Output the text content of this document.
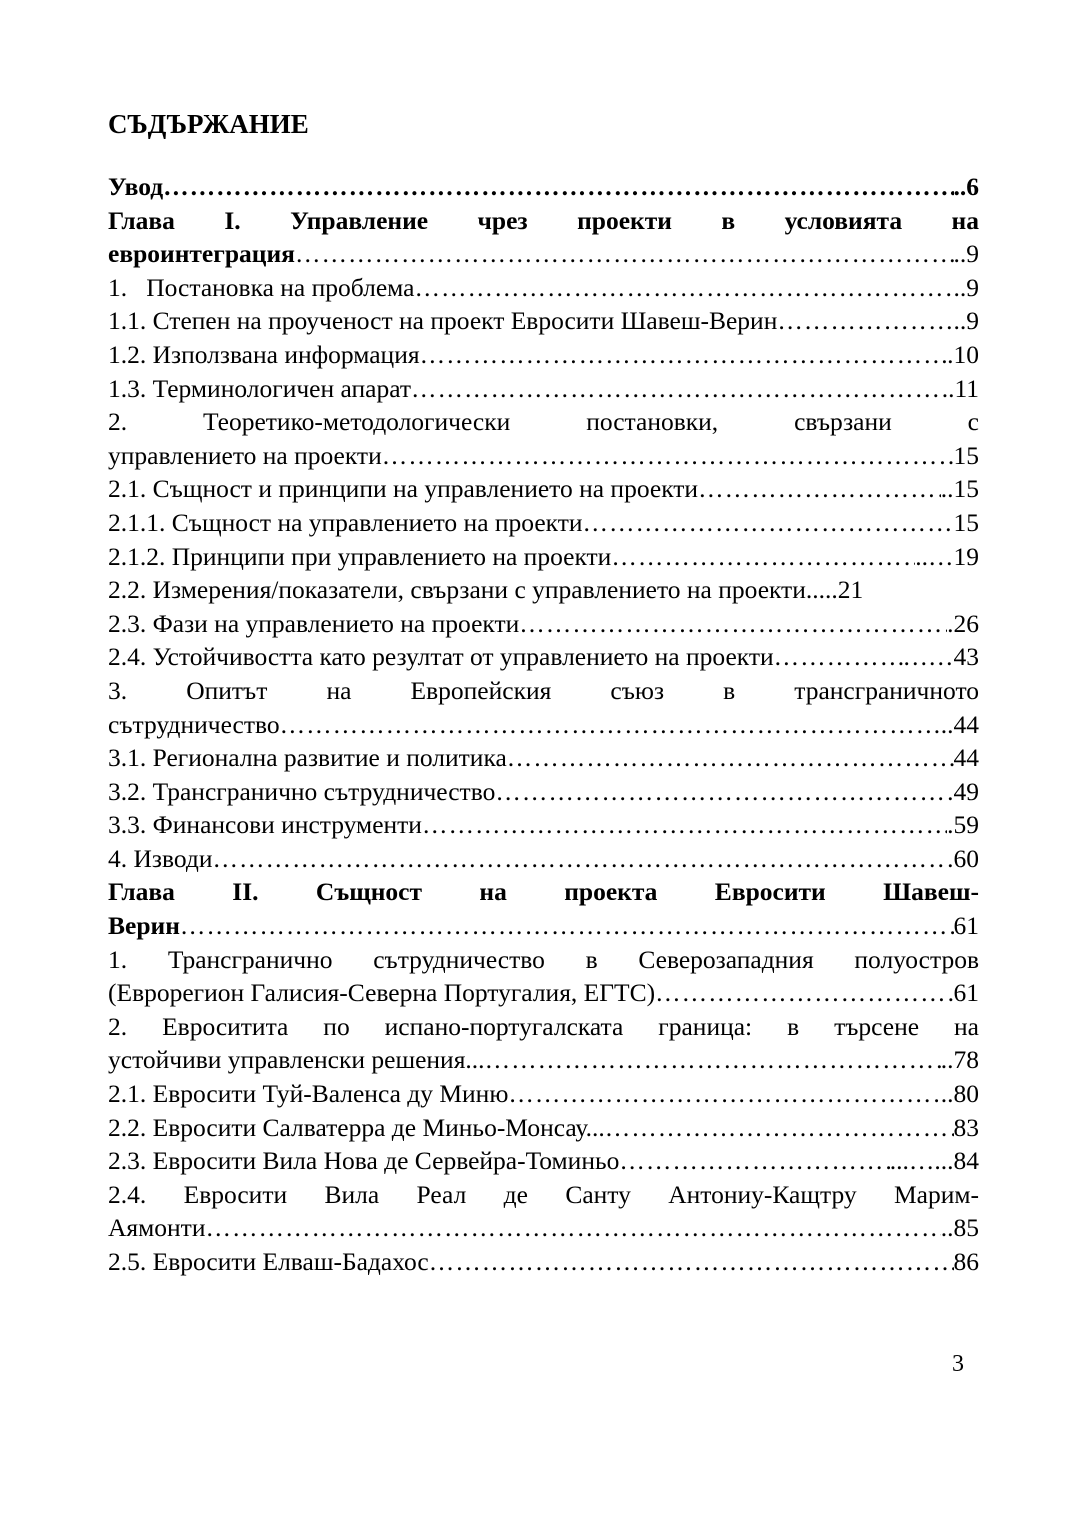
СЪДЪРЖАНИЕ
Увод …………………………………………………………………………………………………………………………………………………………	..6
Глава I. Управление чрез проекти в условията на
евроинтеграция …………………………………………………………………………………………………………………………………………………………	..9
1.   Постановка на проблема …………………………………………………………………………………………………………………………………………………………	..9
1.1. Степен на проученост на проект Евросити Шавеш-Верин …………………………………………………………………………………………………………………………………………………………	…..9
1.2. Използвана информация …………………………………………………………………………………………………………………………………………………………	.10
1.3. Терминологичен апарат …………………………………………………………………………………………………………………………………………………………	..11
2. Теоретико-методологически постановки, свързани с
управлението на проекти …………………………………………………………………………………………………………………………………………………………	15
2.1. Същност и принципи на управлението на проекти …………………………………………………………………………………………………………………………………………………………	..15
2.1.1. Същност на управлението на проекти …………………………………………………………………………………………………………………………………………………………	15
2.1.2. Принципи при управлението на проекти …………………………………………………………………………………………………………………………………………………………	..…19
2.2. Измерения/показатели, свързани с управлението на проекти .....21
2.3. Фази на управлението на проекти …………………………………………………………………………………………………………………………………………………………	.26
2.4. Устойчивостта като резултат от управлението на проекти …………………………………………………………………………………………………………………………………………………………	……43
3. Опитът на Европейския съюз в трансграничното
сътрудничество …………………………………………………………………………………………………………………………………………………………	..44
3.1. Регионална развитие и политика …………………………………………………………………………………………………………………………………………………………	44
3.2. Трансгранично сътрудничество …………………………………………………………………………………………………………………………………………………………	.49
3.3. Финансови инструменти …………………………………………………………………………………………………………………………………………………………	.59
4. Изводи …………………………………………………………………………………………………………………………………………………………	.60
Глава II. Същност на проекта Евросити Шавеш-
Верин …………………………………………………………………………………………………………………………………………………………	61
1. Трансгранично сътрудничество в Северозападния полуостров
(Еврорегион Галисия-Северна Португалия, ЕГТС) …………………………………………………………………………………………………………………………………………………………	61
2. Евроситита по испано-португалската граница: в търсене на
устойчиви управленски решения... …………………………………………………………………………………………………………………………………………………………	..78
2.1. Евросити Туй-Валенса ду Миню …………………………………………………………………………………………………………………………………………………………	..80
2.2. Евросити Салватерра де Миньо-Монсау... …………………………………………………………………………………………………………………………………………………………	83
2.3. Евросити Вила Нова де Сервейра-Томиньо …………………………………………………………………………………………………………………………………………………………	...…...84
2.4. Евросити Вила Реал де Санту Антониу-Кащтру Марим-
Аямонти …………………………………………………………………………………………………………………………………………………………	..85
2.5. Евросити Елваш-Бадахос …………………………………………………………………………………………………………………………………………………………	86
3
